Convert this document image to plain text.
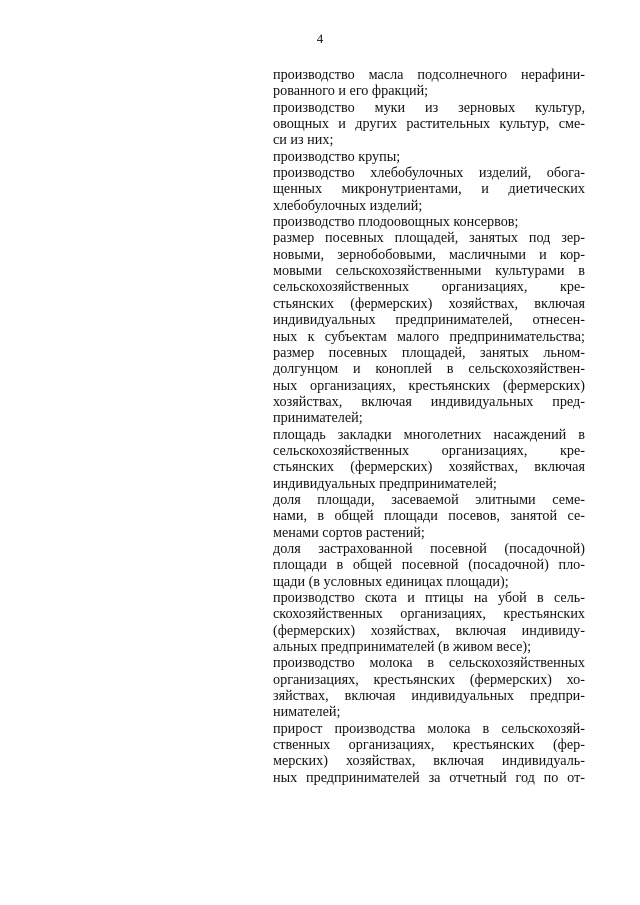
4
производство масла подсолнечного нерафини-
рованного и его фракций;
производство муки из зерновых культур,
овощных и других растительных культур, сме-
си из них;
производство крупы;
производство хлебобулочных изделий, обога-
щенных микронутриентами, и диетических
хлебобулочных изделий;
производство плодоовощных консервов;
размер посевных площадей, занятых под зер-
новыми, зернобобовыми, масличными и кор-
мовыми сельскохозяйственными культурами в
сельскохозяйственных организациях, кре-
стьянских (фермерских) хозяйствах, включая
индивидуальных предпринимателей, отнесен-
ных к субъектам малого предпринимательства;
размер посевных площадей, занятых льном-
долгунцом и коноплей в сельскохозяйствен-
ных организациях, крестьянских (фермерских)
хозяйствах, включая индивидуальных пред-
принимателей;
площадь закладки многолетних насаждений в
сельскохозяйственных организациях, кре-
стьянских (фермерских) хозяйствах, включая
индивидуальных предпринимателей;
доля площади, засеваемой элитными семе-
нами, в общей площади посевов, занятой се-
менами сортов растений;
доля застрахованной посевной (посадочной)
площади в общей посевной (посадочной) пло-
щади (в условных единицах площади);
производство скота и птицы на убой в сель-
скохозяйственных организациях, крестьянских
(фермерских) хозяйствах, включая индивиду-
альных предпринимателей (в живом весе);
производство молока в сельскохозяйственных
организациях, крестьянских (фермерских) хо-
зяйствах, включая индивидуальных предпри-
нимателей;
прирост производства молока в сельскохозяй-
ственных организациях, крестьянских (фер-
мерских) хозяйствах, включая индивидуаль-
ных предпринимателей за отчетный год по от-
